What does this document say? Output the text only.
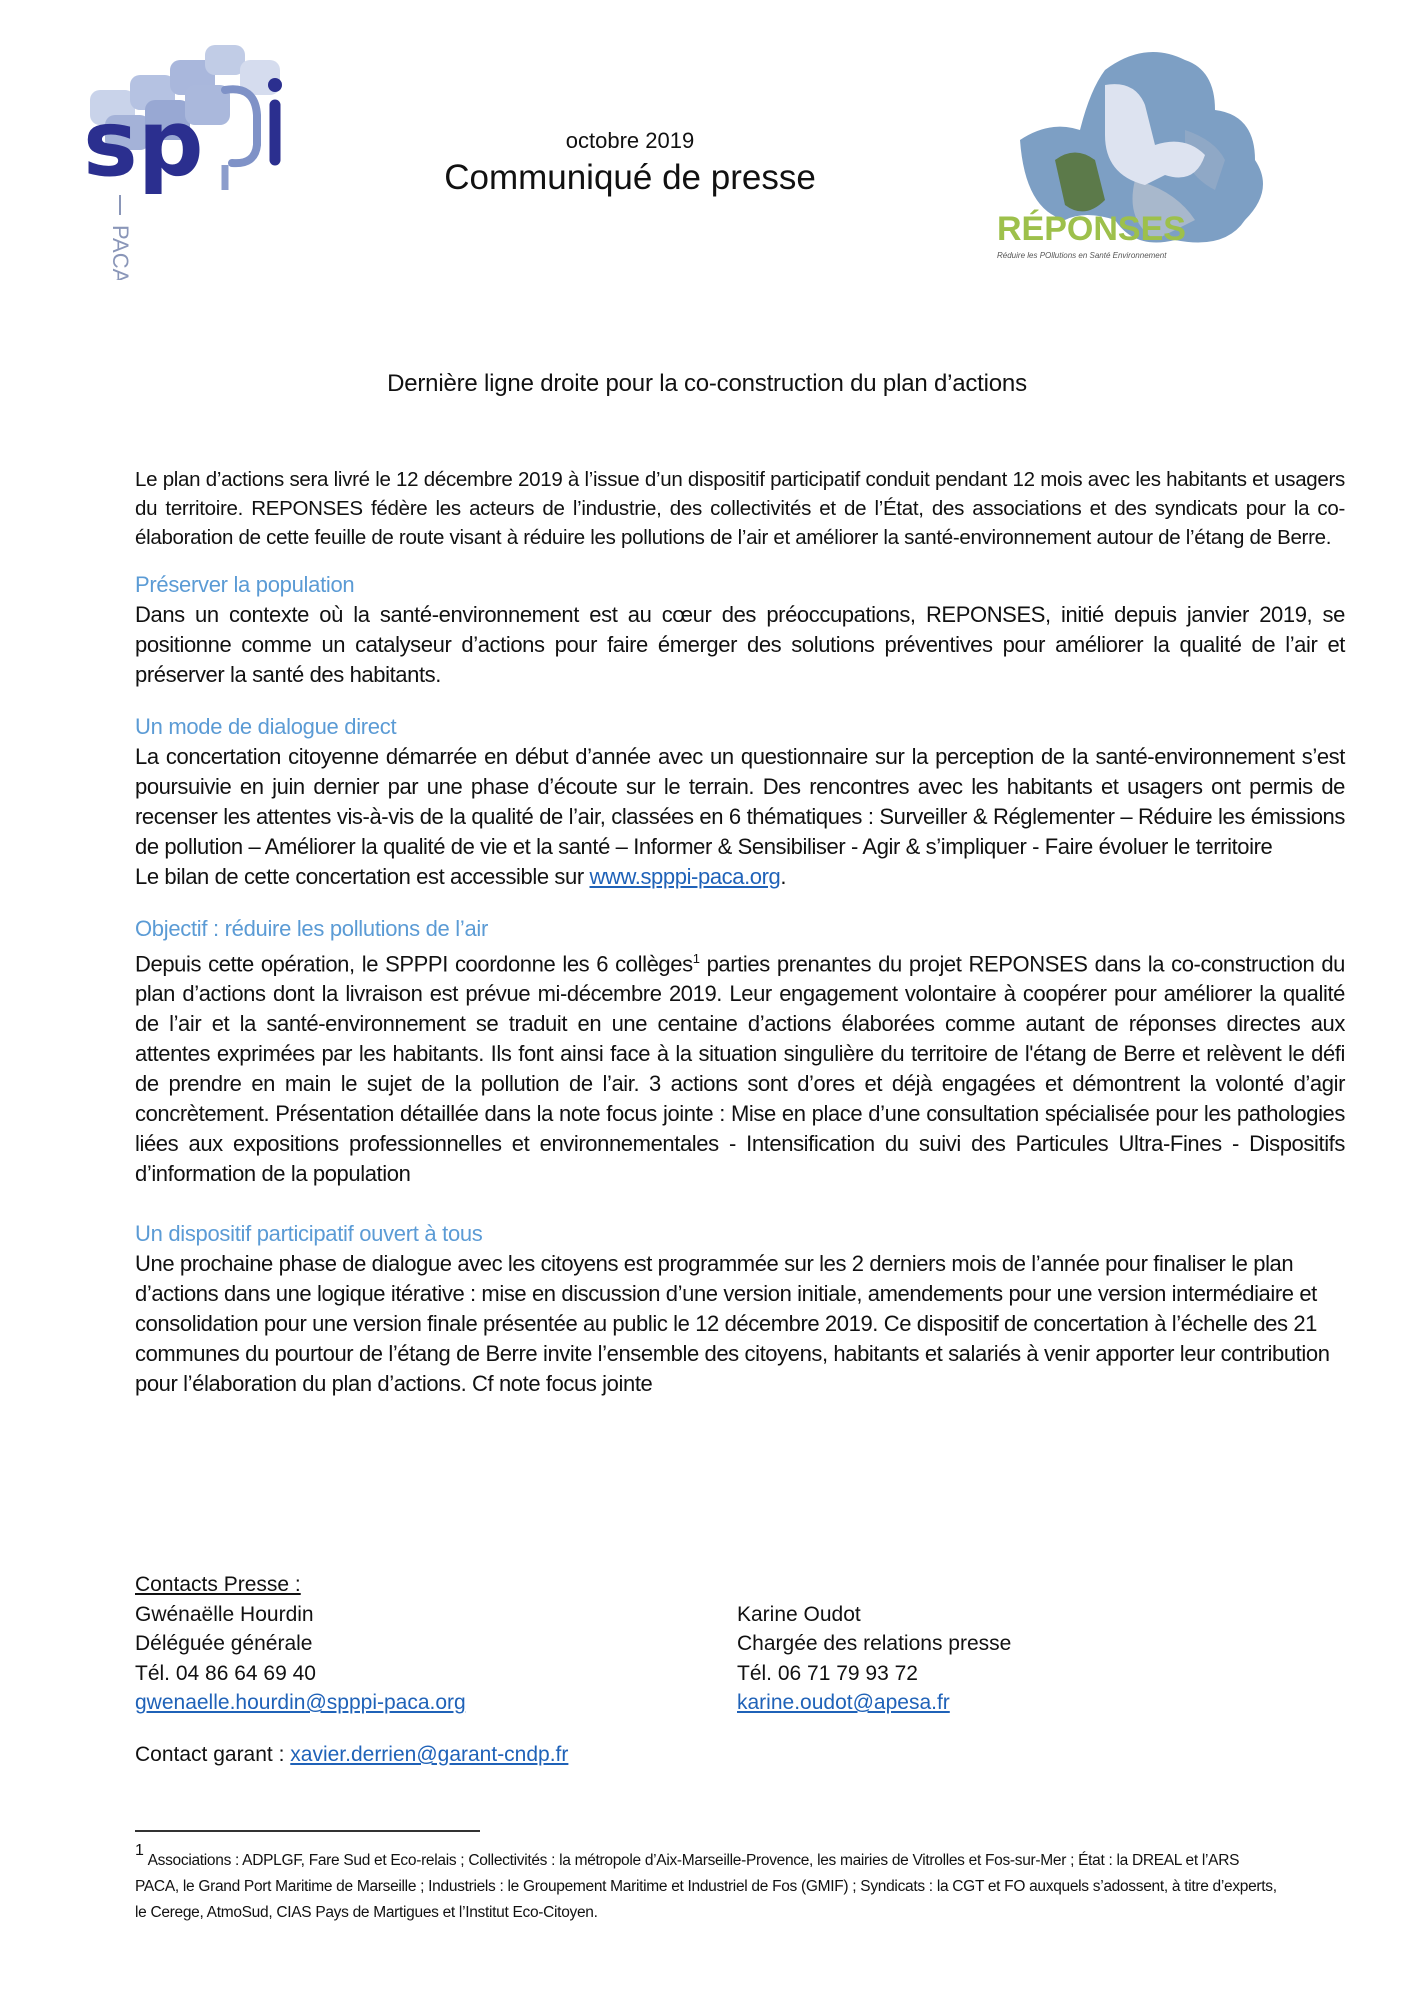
sp
PACA	RÉPONSES
Réduire les POllutions en Santé Environnement
octobre 2019
Communiqué de presse
Dernière ligne droite pour la co-construction du plan d’actions

Le plan d’actions sera livré le 12 décembre 2019 à l’issue d’un dispositif participatif conduit pendant 12 mois avec les habitants et usagers du territoire. REPONSES fédère les acteurs de l’industrie, des collectivités et de l’État, des associations et des syndicats pour la co-élaboration de cette feuille de route visant à réduire les pollutions de l’air et améliorer la santé-environnement autour de l’étang de Berre.

Préserver la population

Dans un contexte où la santé-environnement est au cœur des préoccupations, REPONSES, initié depuis janvier 2019, se positionne comme un catalyseur d’actions pour faire émerger des solutions préventives pour améliorer la qualité de l’air et préserver la santé des habitants.

Un mode de dialogue direct

La concertation citoyenne démarrée en début d’année avec un questionnaire sur la perception de la santé-environnement s’est poursuivie en juin dernier par une phase d’écoute sur le terrain. Des rencontres avec les habitants et usagers ont permis de recenser les attentes vis-à-vis de la qualité de l’air, classées en 6 thématiques : Surveiller & Réglementer – Réduire les émissions de pollution – Améliorer la qualité de vie et la santé – Informer & Sensibiliser - Agir & s’impliquer - Faire évoluer le territoire

Le bilan de cette concertation est accessible sur www.spppi-paca.org.

Objectif : réduire les pollutions de l’air

Depuis cette opération, le SPPPI coordonne les 6 collèges$^1$ parties prenantes du projet REPONSES dans la co-construction du plan d’actions dont la livraison est prévue mi-décembre 2019. Leur engagement volontaire à coopérer pour améliorer la qualité de l’air et la santé-environnement se traduit en une centaine d’actions élaborées comme autant de réponses directes aux attentes exprimées par les habitants. Ils font ainsi face à la situation singulière du territoire de l'étang de Berre et relèvent le défi de prendre en main le sujet de la pollution de l’air. 3 actions sont d’ores et déjà engagées et démontrent la volonté d’agir concrètement. Présentation détaillée dans la note focus jointe : Mise en place d’une consultation spécialisée pour les pathologies liées aux expositions professionnelles et environnementales - Intensification du suivi des Particules Ultra-Fines - Dispositifs d’information de la population

Un dispositif participatif ouvert à tous

Une prochaine phase de dialogue avec les citoyens est programmée sur les 2 derniers mois de l’année pour finaliser le plan d’actions dans une logique itérative : mise en discussion d’une version initiale, amendements pour une version intermédiaire et consolidation pour une version finale présentée au public le 12 décembre 2019. Ce dispositif de concertation à l’échelle des 21 communes du pourtour de l’étang de Berre invite l’ensemble des citoyens, habitants et salariés à venir apporter leur contribution pour l’élaboration du plan d’actions. Cf note focus jointe

Contacts Presse :
Gwénaëlle Hourdin
Déléguée générale
Tél. 04 86 64 69 40
gwenaelle.hourdin@spppi-paca.org
Karine Oudot
Chargée des relations presse
Tél. 06 71 79 93 72
karine.oudot@apesa.fr
Contact garant : xavier.derrien@garant-cndp.fr
1Associations : ADPLGF, Fare Sud et Eco-relais ; Collectivités : la métropole d’Aix-Marseille-Provence, les mairies de Vitrolles et Fos-sur-Mer ; État : la DREAL et l’ARS PACA, le Grand Port Maritime de Marseille ; Industriels : le Groupement Maritime et Industriel de Fos (GMIF) ; Syndicats : la CGT et FO auxquels s’adossent, à titre d’experts, le Cerege, AtmoSud, CIAS Pays de Martigues et l’Institut Eco-Citoyen.
